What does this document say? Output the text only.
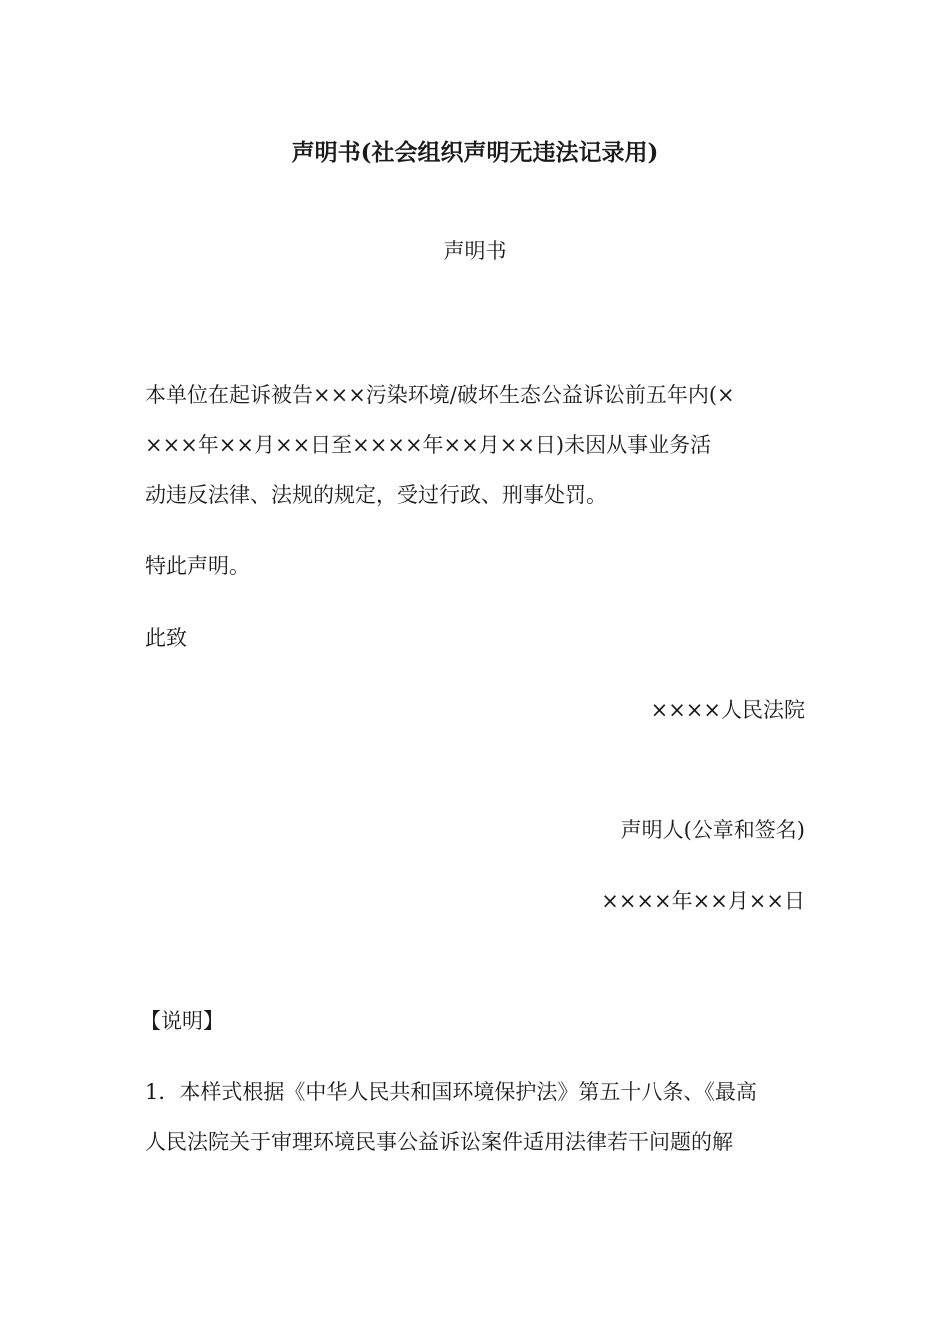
声明书(社会组织声明无违法记录用)
声明书
本单位在起诉被告×××污染环境/破坏生态公益诉讼前五年内(×
×××年××月××日至××××年××月××日)未因从事业务活
动违反法律、法规的规定，受过行政、刑事处罚。
特此声明。
此致
××××人民法院
声明人(公章和签名)
××××年××月××日
【说明】
1．本样式根据《中华人民共和国环境保护法》第五十八条、《最高
人民法院关于审理环境民事公益诉讼案件适用法律若干问题的解
